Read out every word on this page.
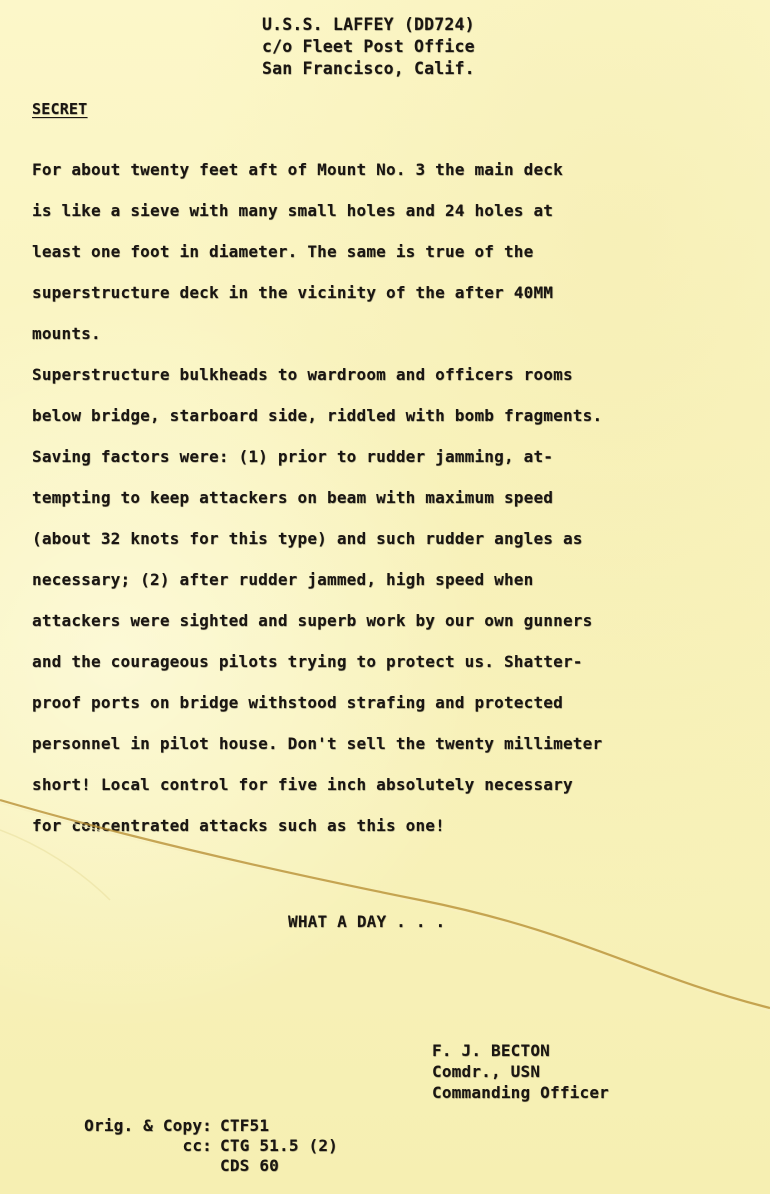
U.S.S. LAFFEY (DD724)
c/o Fleet Post Office
San Francisco, Calif.
SECRET
For about twenty feet aft of Mount No. 3 the main deck
is like a sieve with many small holes and 24 holes at
least one foot in diameter. The same is true of the
superstructure deck in the vicinity of the after 40MM
mounts.
Superstructure bulkheads to wardroom and officers rooms
below bridge, starboard side, riddled with bomb fragments.
Saving factors were: (1) prior to rudder jamming, at-
tempting to keep attackers on beam with maximum speed
(about 32 knots for this type) and such rudder angles as
necessary; (2) after rudder jammed, high speed when
attackers were sighted and superb work by our own gunners
and the courageous pilots trying to protect us. Shatter-
proof ports on bridge withstood strafing and protected
personnel in pilot house. Don't sell the twenty millimeter
short! Local control for five inch absolutely necessary
for concentrated attacks such as this one!
WHAT A DAY . . .
F. J. BECTON
Comdr., USN
Commanding Officer
Orig. & Copy: CTF51
cc: CTG 51.5 (2)
CDS 60
